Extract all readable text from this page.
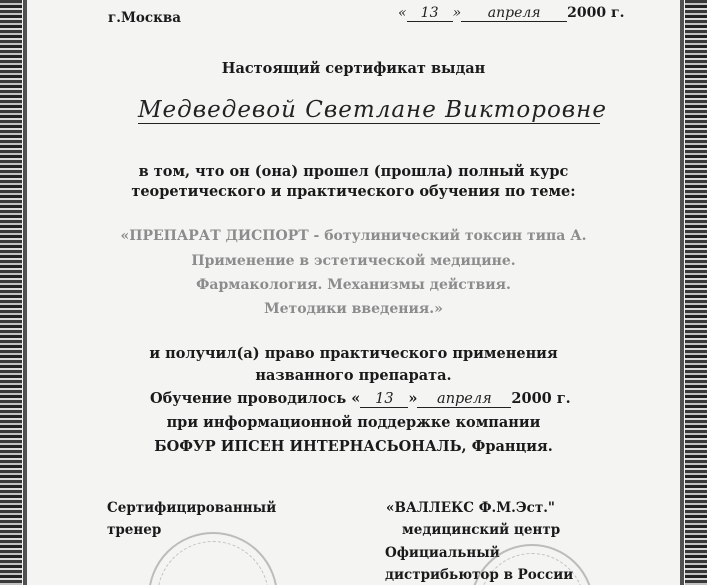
г.Москва	« 13 » апреля 2000 г.
Настоящий сертификат выдан
Медведевой Светлане Викторовне
в том, что он (она) прошел (прошла) полный курс
теоретического и практического обучения по теме:
«ПРЕПАРАТ ДИСПОРТ - ботулинический токсин типа А.
Применение в эстетической медицине.
Фармакология. Механизмы действия.
Методики введения.»
и получил(а) право практического применения
названного препарата.
Обучение проводилось « 13 » апреля 2000 г.
при информационной поддержке компании
БОФУР ИПСЕН ИНТЕРНАСЬОНАЛЬ, Франция.
Сертифицированный
тренер
«ВАЛЛЕКС Ф.М.Эст."
медицинский центр
Официальный
дистрибьютор в России
